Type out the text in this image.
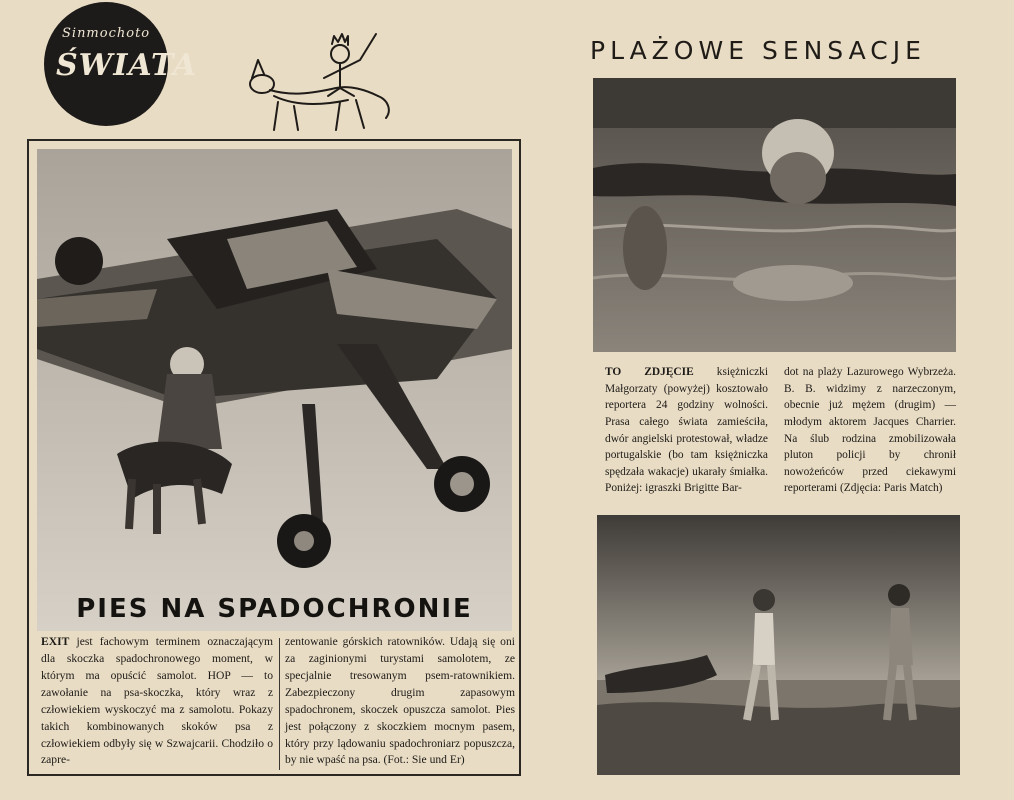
Sinmochoto
ŚWIATA
PIES NA SPADOCHRONIE

EXIT jest fachowym terminem oznaczającym dla skoczka spadochronowego moment, w którym ma opuścić samolot. HOP — to zawołanie na psa-skoczka, który wraz z człowiekiem wyskoczyć ma z samolotu. Pokazy takich kombinowanych skoków psa z człowiekiem odbyły się w Szwajcarii. Chodziło o zapre-

zentowanie górskich ratowników. Udają się oni za zaginionymi turystami samolotem, ze specjalnie tresowanym psem-ratownikiem. Zabezpieczony drugim zapasowym spadochronem, skoczek opuszcza samolot. Pies jest połączony z skoczkiem mocnym pasem, który przy lądowaniu spadochroniarz popuszcza, by nie wpaść na psa. (Fot.: Sie und Er)

PLAŻOWE SENSACJE

TO ZDJĘCIE księżniczki Małgorzaty (powyżej) kosztowało reportera 24 godziny wolności. Prasa całego świata zamieściła, dwór angielski protestował, władze portugalskie (bo tam księżniczka spędzała wakacje) ukarały śmiałka. Poniżej: igraszki Brigitte Bar-

dot na plaży Lazurowego Wybrzeża. B. B. widzimy z narzeczonym, obecnie już mężem (drugim) — młodym aktorem Jacques Charrier. Na ślub rodzina zmobilizowała pluton policji by chronił nowożeńców przed ciekawymi reporterami (Zdjęcia: Paris Match)
